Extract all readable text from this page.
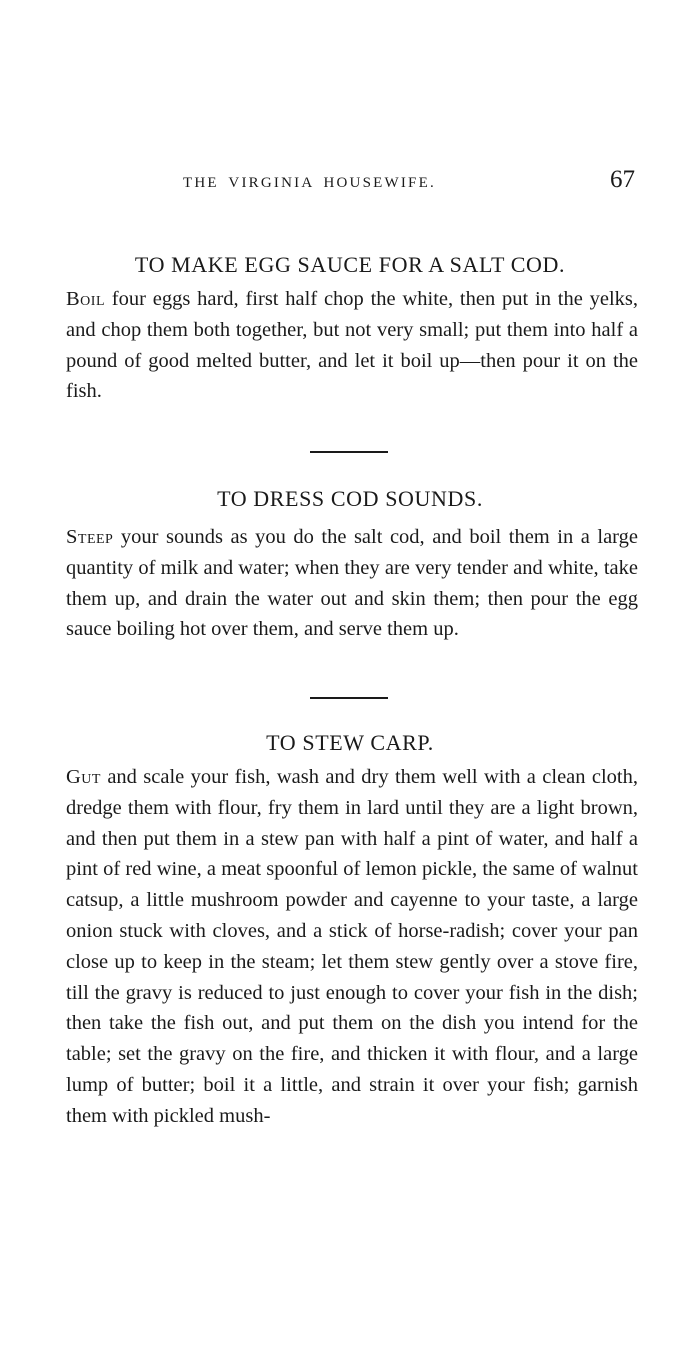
THE VIRGINIA HOUSEWIFE.	67
TO MAKE EGG SAUCE FOR A SALT COD.

Boil four eggs hard, first half chop the white, then put in the yelks, and chop them both together, but not very small; put them into half a pound of good melted butter, and let it boil up—then pour it on the fish.

TO DRESS COD SOUNDS.

Steep your sounds as you do the salt cod, and boil them in a large quantity of milk and water; when they are very tender and white, take them up, and drain the water out and skin them; then pour the egg sauce boiling hot over them, and serve them up.

TO STEW CARP.

Gut and scale your fish, wash and dry them well with a clean cloth, dredge them with flour, fry them in lard until they are a light brown, and then put them in a stew pan with half a pint of water, and half a pint of red wine, a meat spoonful of lemon pickle, the same of walnut catsup, a little mushroom powder and cayenne to your taste, a large onion stuck with cloves, and a stick of horse-radish; cover your pan close up to keep in the steam; let them stew gently over a stove fire, till the gravy is reduced to just enough to cover your fish in the dish; then take the fish out, and put them on the dish you intend for the table; set the gravy on the fire, and thicken it with flour, and a large lump of butter; boil it a little, and strain it over your fish; garnish them with pickled mush-
